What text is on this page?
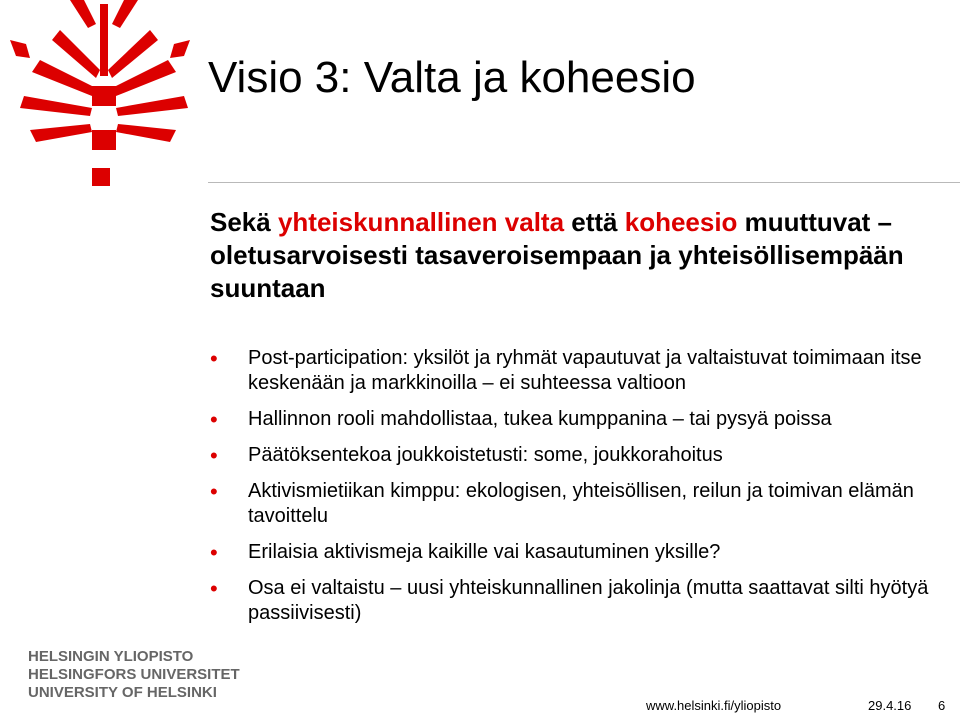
Visio 3: Valta ja koheesio

Sekä yhteiskunnallinen valta että koheesio muuttuvat – oletusarvoisesti tasaveroisempaan ja yhteisöllisempään suuntaan

• Post-participation: yksilöt ja ryhmät vapautuvat ja valtaistuvat toimimaan itse keskenään ja markkinoilla – ei suhteessa valtioon
• Hallinnon rooli mahdollistaa, tukea kumppanina – tai pysyä poissa
• Päätöksentekoa joukkoistetusti: some, joukkorahoitus
• Aktivismietiikan kimppu: ekologisen, yhteisöllisen, reilun ja toimivan elämän tavoittelu
• Erilaisia aktivismeja kaikille vai kasautuminen yksille?
• Osa ei valtaistu – uusi yhteiskunnallinen jakolinja (mutta saattavat silti hyötyä passiivisesti)
HELSINGIN YLIOPISTO
HELSINGFORS UNIVERSITET
UNIVERSITY OF HELSINKI
www.helsinki.fi/yliopisto	29.4.16 6
